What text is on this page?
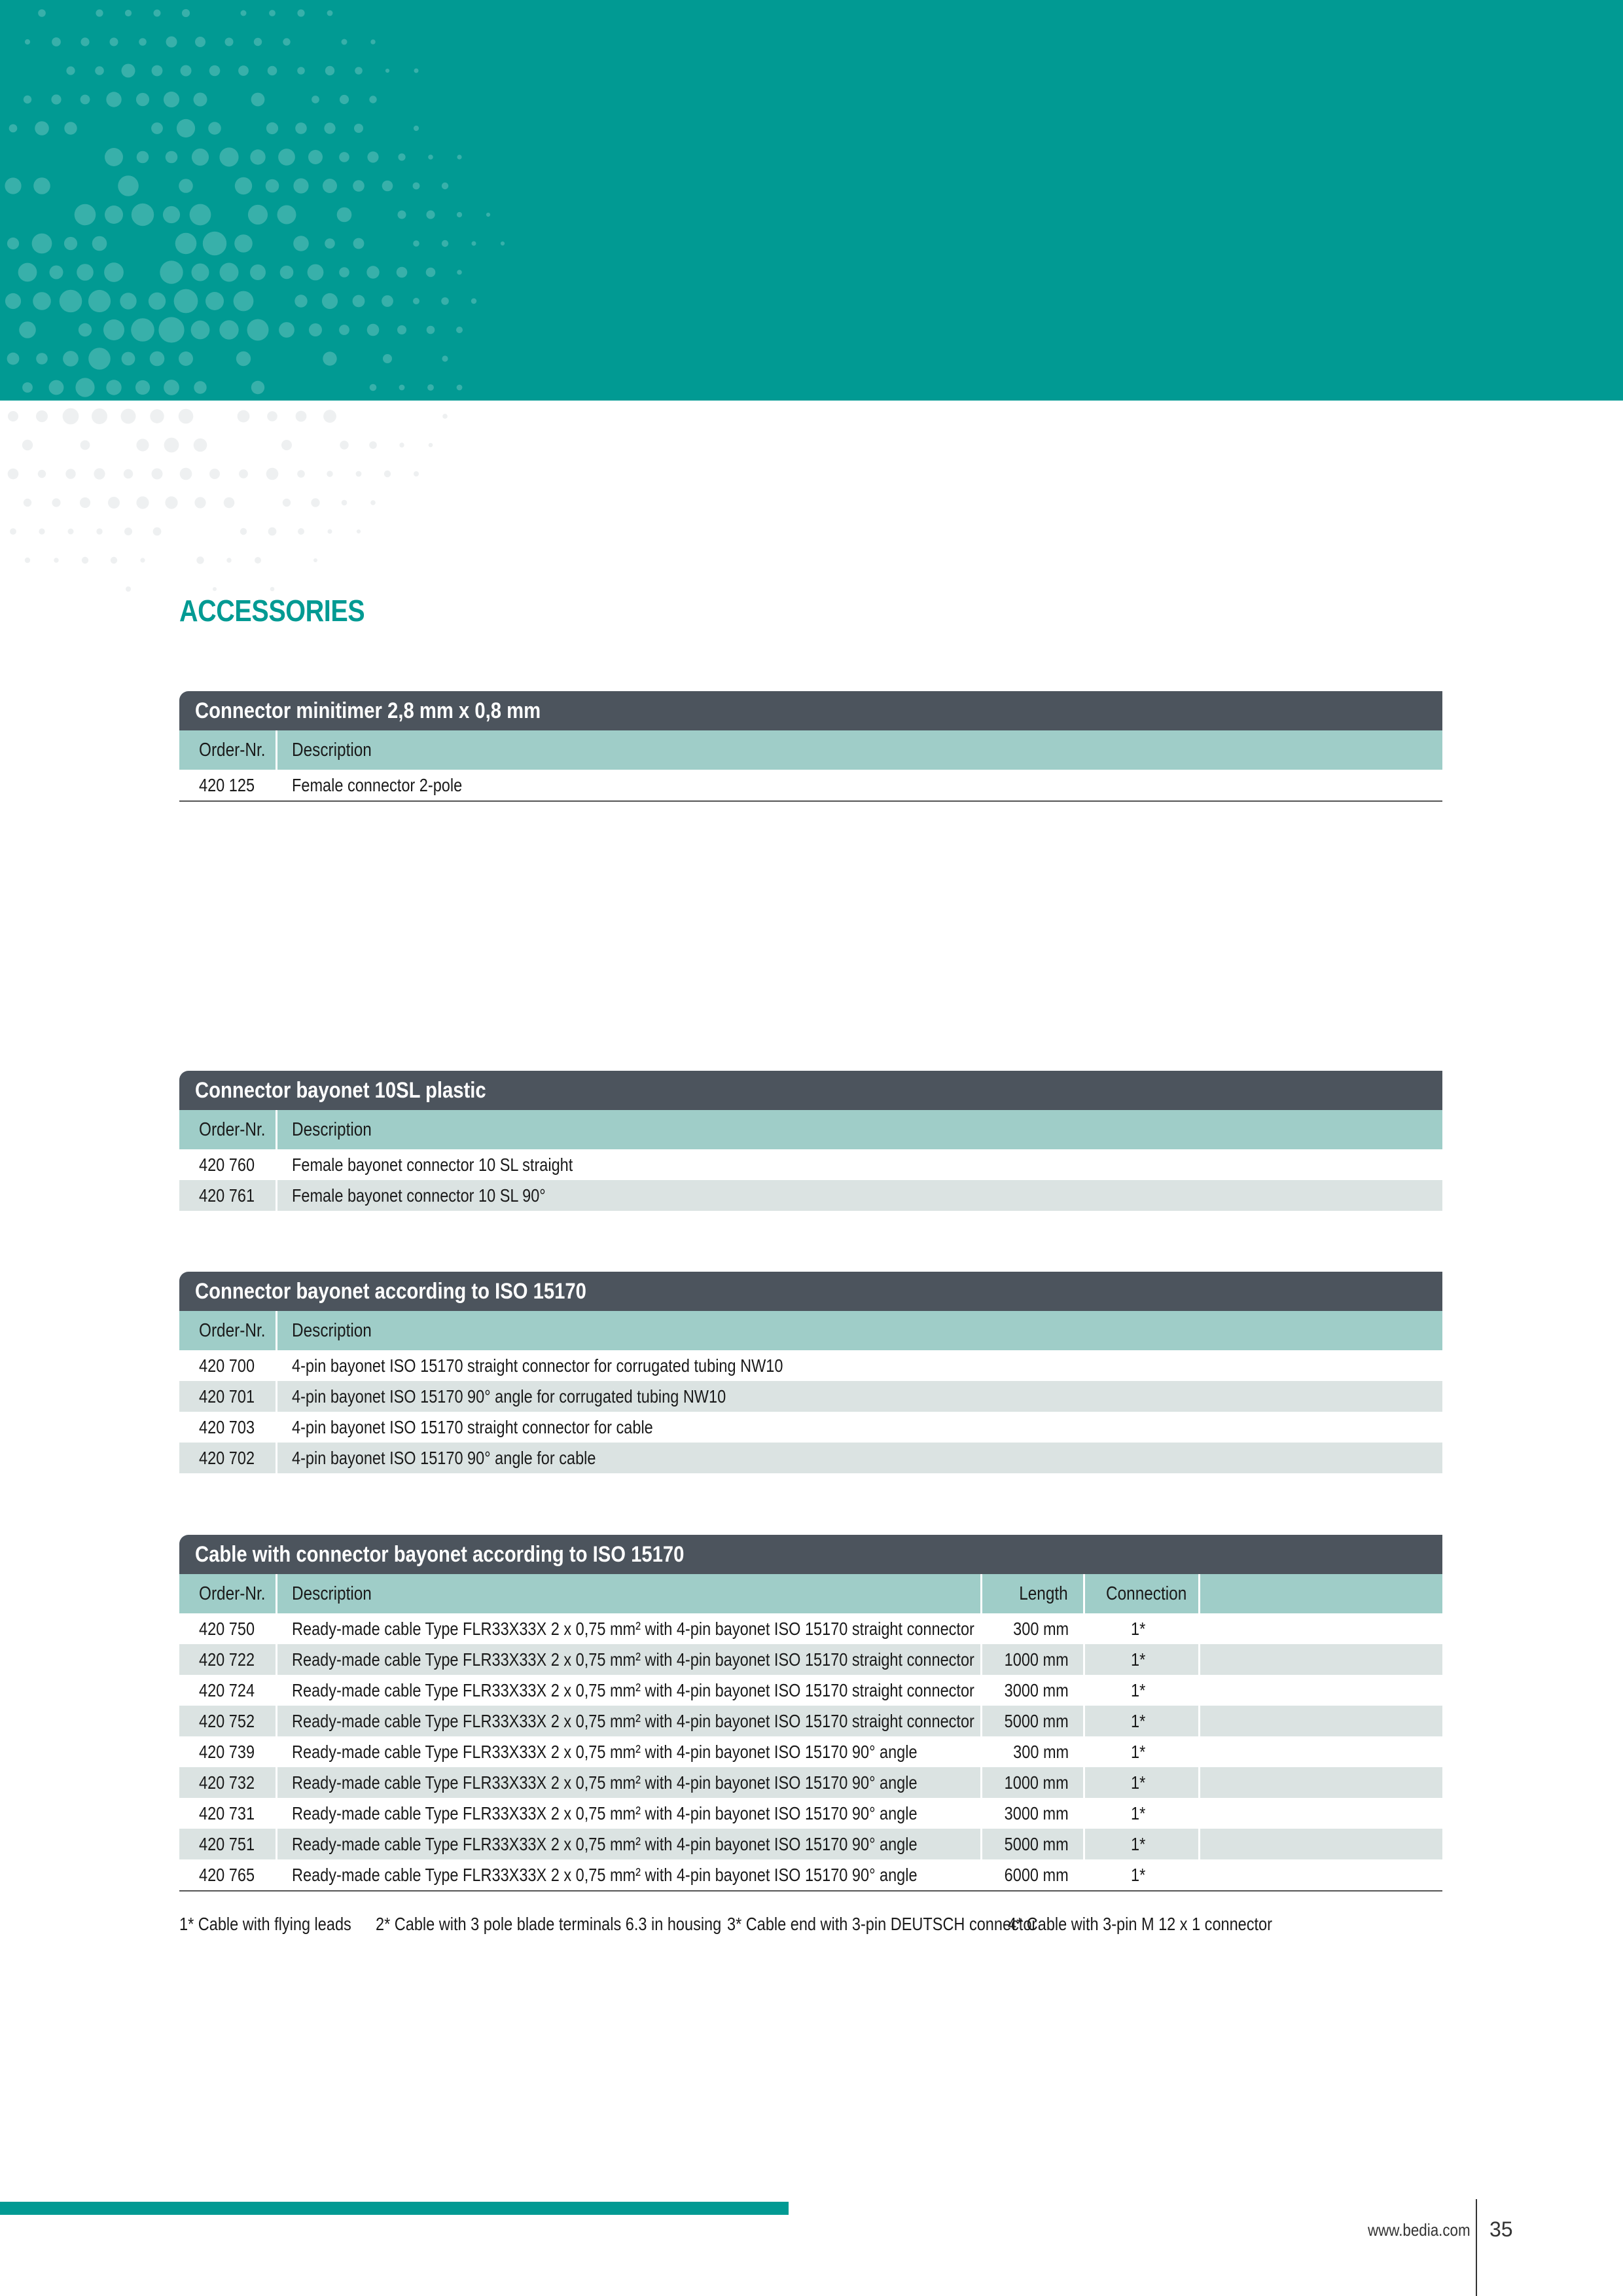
ACCESSORIES
Connector minitimer 2,8 mm x 0,8 mm
Order-Nr.	Description
420 125	Female connector 2-pole
Connector bayonet 10SL plastic
Order-Nr.	Description
420 760	Female bayonet connector 10 SL straight
420 761	Female bayonet connector 10 SL 90°
Connector bayonet according to ISO 15170
Order-Nr.	Description
420 700	4-pin bayonet ISO 15170 straight connector for corrugated tubing NW10
420 701	4-pin bayonet ISO 15170 90° angle for corrugated tubing NW10
420 703	4-pin bayonet ISO 15170 straight connector for cable
420 702	4-pin bayonet ISO 15170 90° angle for cable
Cable with connector bayonet according to ISO 15170
Order-Nr.	Description	Length	Connection
420 750	Ready-made cable Type FLR33X33X 2 x 0,75 mm² with 4-pin bayonet ISO 15170 straight connector	300 mm	1*
420 722	Ready-made cable Type FLR33X33X 2 x 0,75 mm² with 4-pin bayonet ISO 15170 straight connector	1000 mm	1*
420 724	Ready-made cable Type FLR33X33X 2 x 0,75 mm² with 4-pin bayonet ISO 15170 straight connector	3000 mm	1*
420 752	Ready-made cable Type FLR33X33X 2 x 0,75 mm² with 4-pin bayonet ISO 15170 straight connector	5000 mm	1*
420 739	Ready-made cable Type FLR33X33X 2 x 0,75 mm² with 4-pin bayonet ISO 15170 90° angle	300 mm	1*
420 732	Ready-made cable Type FLR33X33X 2 x 0,75 mm² with 4-pin bayonet ISO 15170 90° angle	1000 mm	1*
420 731	Ready-made cable Type FLR33X33X 2 x 0,75 mm² with 4-pin bayonet ISO 15170 90° angle	3000 mm	1*
420 751	Ready-made cable Type FLR33X33X 2 x 0,75 mm² with 4-pin bayonet ISO 15170 90° angle	5000 mm	1*
420 765	Ready-made cable Type FLR33X33X 2 x 0,75 mm² with 4-pin bayonet ISO 15170 90° angle	6000 mm	1*
1* Cable with flying leads 2* Cable with 3 pole blade terminals 6.3 in housing 3* Cable end with 3-pin DEUTSCH connector
4* Cable with 3-pin M 12 x 1 connector
www.bedia.com 35
